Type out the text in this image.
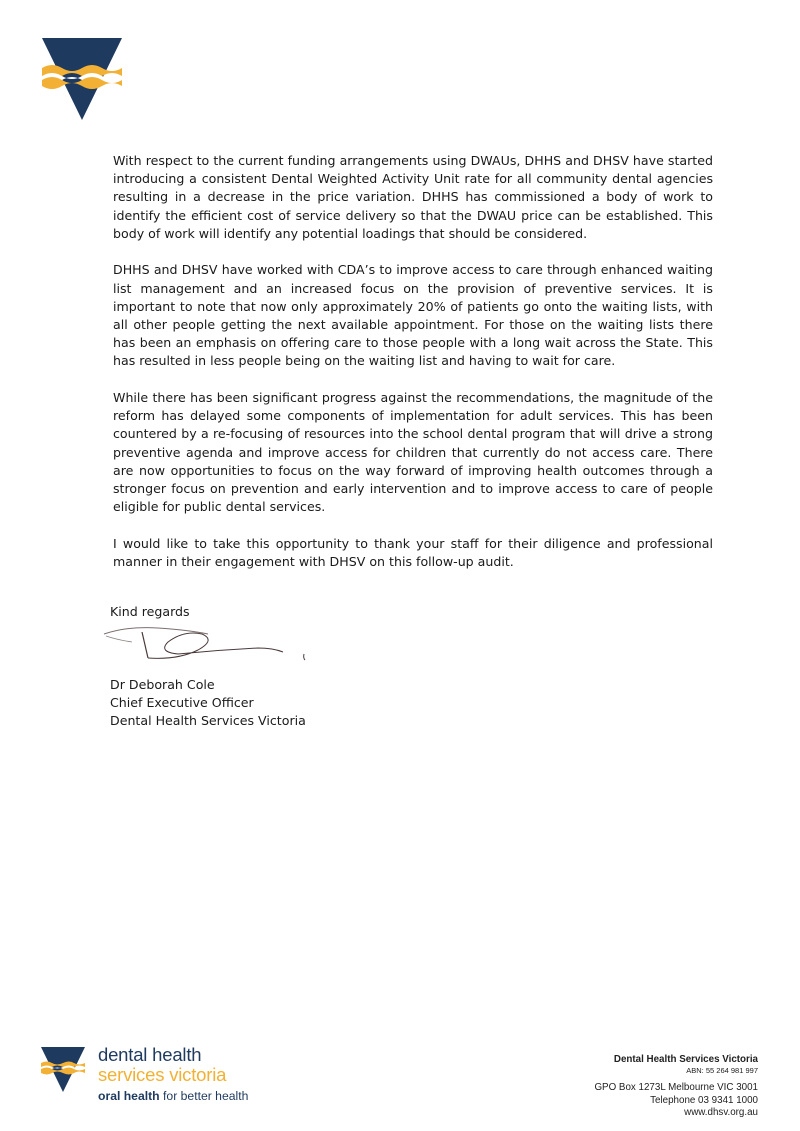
With respect to the current funding arrangements using DWAUs, DHHS and DHSV have started introducing a consistent Dental Weighted Activity Unit rate for all community dental agencies resulting in a decrease in the price variation. DHHS has commissioned a body of work to identify the efficient cost of service delivery so that the DWAU price can be established. This body of work will identify any potential loadings that should be considered.

DHHS and DHSV have worked with CDA’s to improve access to care through enhanced waiting list management and an increased focus on the provision of preventive services. It is important to note that now only approximately 20% of patients go onto the waiting lists, with all other people getting the next available appointment. For those on the waiting lists there has been an emphasis on offering care to those people with a long wait across the State. This has resulted in less people being on the waiting list and having to wait for care.

While there has been significant progress against the recommendations, the magnitude of the reform has delayed some components of implementation for adult services. This has been countered by a re-focusing of resources into the school dental program that will drive a strong preventive agenda and improve access for children that currently do not access care. There are now opportunities to focus on the way forward of improving health outcomes through a stronger focus on prevention and early intervention and to improve access to care of people eligible for public dental services.

I would like to take this opportunity to thank your staff for their diligence and professional manner in their engagement with DHSV on this follow-up audit.

Kind regards
Dr Deborah Cole
Chief Executive Officer
Dental Health Services Victoria
dental health
services victoria
oral health for better health
Dental Health Services Victoria
ABN: 55 264 981 997
GPO Box 1273L Melbourne VIC 3001
Telephone 03 9341 1000
www.dhsv.org.au
